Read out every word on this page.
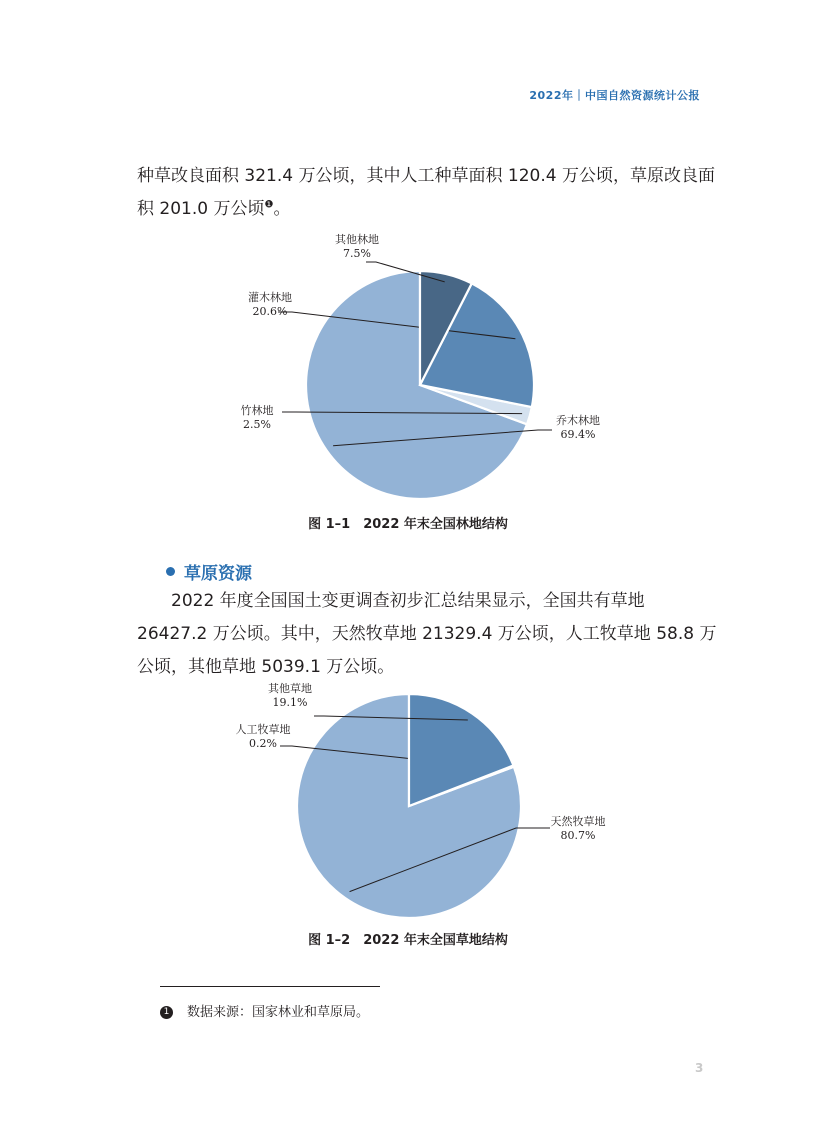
2022年｜中国自然资源统计公报
种草改良面积 321.4 万公顷，其中人工种草面积 120.4 万公顷，草原改良面积 201.0 万公顷$^❶$。
乔木林地
69.4%
竹林地
2.5%
灌木林地
20.6%
其他林地
7.5%
图 1–1　2022 年末全国林地结构
草原资源
2022 年度全国国土变更调查初步汇总结果显示，全国共有草地 26427.2 万公顷。其中，天然牧草地 21329.4 万公顷，人工牧草地 58.8 万公顷，其他草地 5039.1 万公顷。
天然牧草地
80.7%
人工牧草地
0.2%
其他草地
19.1%
图 1–2　2022 年末全国草地结构
1 数据来源：国家林业和草原局。
3
